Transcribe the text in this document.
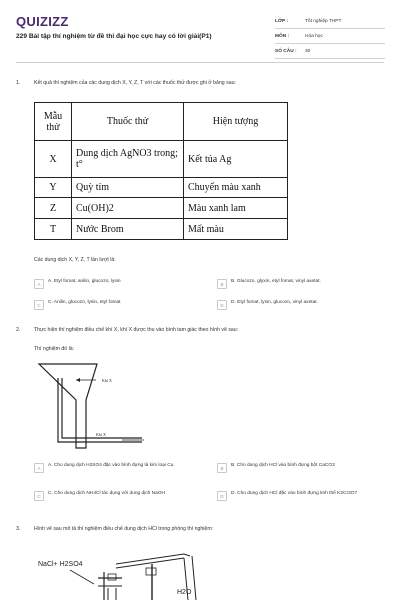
QUIZIZZ
229 Bài tập thí nghiệm từ đề thi đại học cực hay có lời giải(P1)
LỚP :	Tốt nghiệp THPT
MÔN :	Hóa học
SỐ CÂU :	30
1.	Kết quả thí nghiệm của các dung dịch X, Y, Z, T với các thuốc thử được ghi ở bảng sau:
Mẫu thử	Thuốc thử	Hiện tượng
X	Dung dịch AgNO3 trong; t°	Kết tủa Ag
Y	Quỳ tím	Chuyển màu xanh
Z	Cu(OH)2	Màu xanh lam
T	Nước Brom	Mất màu
Các dung dịch X, Y, Z, T lần lượt là:
A	A. Etyl fomat, anilin, glucozo, lysin	B	B. Glucozo, glyxin, etyl fomat, vinyl axetat.
C	C. Anilin, glucozo, lysin, etyl fomat	D	D. Etyl fomat, lysin, glucozo, vinyl axetat.
2.	Thực hiện thí nghiệm điều chế khí X, khí X được thu vào bình tam giác theo hình vẽ sau:
Thí nghiệm đó là:
Khí X
Khí X
A	A. Cho dung dịch H2SO4 đặc vào bình đựng lá kim loại Cu.	B	B. Cho dung dịch HCl vào bình đựng bột CaCO3
C	C. Cho dung dịch NH4Cl tác dụng với dung dịch NaOH	D	D. Cho dung dịch HCl đặc vào bình đựng tinh thể K2Cr2O7
3.	Hình vẽ sau mô tả thí nghiệm điều chế dung dịch HCl trong phòng thí nghiệm:
NaCl+ H2SO4
H2O
